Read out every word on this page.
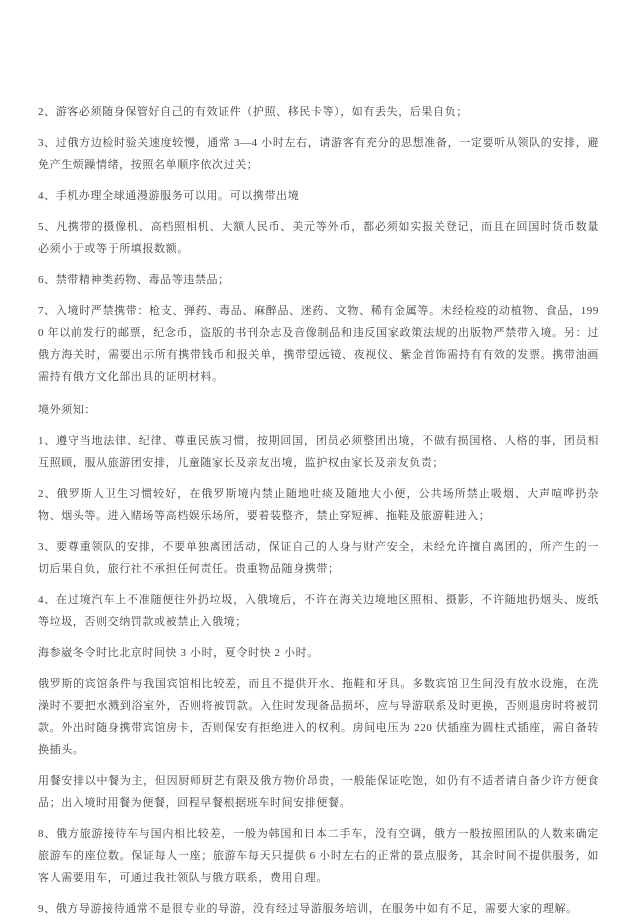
2、游客必须随身保管好自己的有效证件（护照、移民卡等），如有丢失，后果自负；

3、过俄方边检时验关速度较慢，通常 3—4 小时左右，请游客有充分的思想准备，一定要听从领队的安排，避免产生烦躁情绪，按照名单顺序依次过关；

4、手机办理全球通漫游服务可以用。可以携带出境

5、凡携带的摄像机、高档照相机、大额人民币、美元等外币，都必须如实报关登记，而且在回国时货币数量必须小于或等于所填报数额。

6、禁带精神类药物、毒品等违禁品；

7、入境时严禁携带：枪支、弹药、毒品、麻醉品、迷药、文物、稀有金属等。未经检疫的动植物、食品，1990 年以前发行的邮票，纪念币，盗版的书刊杂志及音像制品和违反国家政策法规的出版物严禁带入境。另：过俄方海关时，需要出示所有携带钱币和报关单，携带望远镜、夜视仪、紫金首饰需持有有效的发票。携带油画需持有俄方文化部出具的证明材料。

境外须知：

1、遵守当地法律、纪律、尊重民族习惯，按期回国，团员必须整团出境，不做有损国格、人格的事，团员相互照顾，服从旅游团安排，儿童随家长及亲友出境，监护权由家长及亲友负责；

2、俄罗斯人卫生习惯较好，在俄罗斯境内禁止随地吐痰及随地大小便，公共场所禁止吸烟、大声喧哗扔杂物、烟头等。进入赌场等高档娱乐场所，要着装整齐，禁止穿短裤、拖鞋及旅游鞋进入；

3、要尊重领队的安排，不要单独离团活动，保证自己的人身与财产安全，未经允许擅自离团的，所产生的一切后果自负，旅行社不承担任何责任。贵重物品随身携带；

4、在过境汽车上不准随便往外扔垃圾，入俄境后，不许在海关边境地区照相、摄影，不许随地扔烟头、废纸等垃圾，否则交纳罚款或被禁止入俄境；

海参崴冬令时比北京时间快 3 小时，夏令时快 2 小时。

俄罗斯的宾馆条件与我国宾馆相比较差，而且不提供开水、拖鞋和牙具。多数宾馆卫生间没有放水设施，在洗澡时不要把水溅到浴室外，否则将被罚款。入住时发现备品损坏，应与导游联系及时更换，否则退房时将被罚款。外出时随身携带宾馆房卡，否则保安有拒绝进入的权利。房间电压为 220 伏插座为圆柱式插座，需自备转换插头。

用餐安排以中餐为主，但因厨师厨艺有限及俄方物价昂贵，一般能保证吃饱，如仍有不适者请自备少许方便食品；出入境时用餐为便餐，回程早餐根据班车时间安排便餐。

8、俄方旅游接待车与国内相比较差，一般为韩国和日本二手车，没有空调，俄方一般按照团队的人数来确定旅游车的座位数。保证每人一座；旅游车每天只提供 6 小时左右的正常的景点服务，其余时间不提供服务，如客人需要用车，可通过我社领队与俄方联系，费用自理。

9、俄方导游接待通常不是很专业的导游，没有经过导游服务培训，在服务中如有不足，需要大家的理解。
